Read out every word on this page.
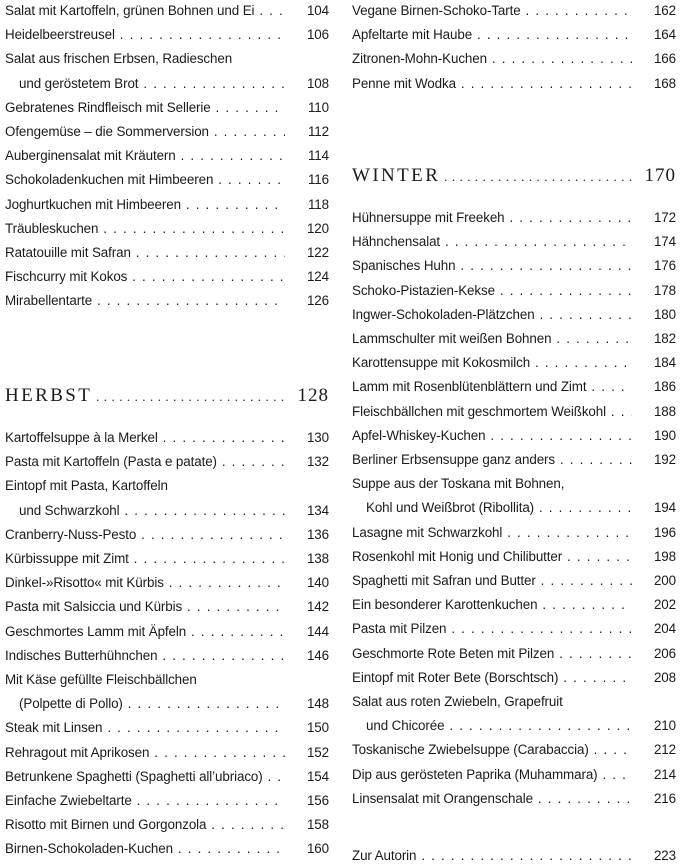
Salat mit Kartoffeln, grünen Bohnen und Ei . . .	104
Heidelbeerstreusel . . .	106
Salat aus frischen Erbsen, Radieschen
und geröstetem Brot . . .	108
Gebratenes Rindfleisch mit Sellerie . . .	110
Ofengemüse – die Sommerversion . . .	112
Auberginensalat mit Kräutern . . .	114
Schokoladenkuchen mit Himbeeren . . .	116
Joghurtkuchen mit Himbeeren . . .	118
Träubleskuchen . . .	120
Ratatouille mit Safran . . .	122
Fischcurry mit Kokos . . .	124
Mirabellentarte . . .	126
HERBST . . .	128
Kartoffelsuppe à la Merkel . . .	130
Pasta mit Kartoffeln (Pasta e patate) . . .	132
Eintopf mit Pasta, Kartoffeln
und Schwarzkohl . . .	134
Cranberry-Nuss-Pesto . . .	136
Kürbissuppe mit Zimt . . .	138
Dinkel-»Risotto« mit Kürbis . . .	140
Pasta mit Salsiccia und Kürbis . . .	142
Geschmortes Lamm mit Äpfeln . . .	144
Indisches Butterhühnchen . . .	146
Mit Käse gefüllte Fleischbällchen
(Polpette di Pollo) . . .	148
Steak mit Linsen . . .	150
Rehragout mit Aprikosen . . .	152
Betrunkene Spaghetti (Spaghetti all’ubriaco) . . .	154
Einfache Zwiebeltarte . . .	156
Risotto mit Birnen und Gorgonzola . . .	158
Birnen-Schokoladen-Kuchen . . .	160
Vegane Birnen-Schoko-Tarte . . .	162
Apfeltarte mit Haube . . .	164
Zitronen-Mohn-Kuchen . . .	166
Penne mit Wodka . . .	168
WINTER . . .	170
Hühnersuppe mit Freekeh . . .	172
Hähnchensalat . . .	174
Spanisches Huhn . . .	176
Schoko-Pistazien-Kekse . . .	178
Ingwer-Schokoladen-Plätzchen . . .	180
Lammschulter mit weißen Bohnen . . .	182
Karottensuppe mit Kokosmilch . . .	184
Lamm mit Rosenblütenblättern und Zimt . . .	186
Fleischbällchen mit geschmortem Weißkohl . . .	188
Apfel-Whiskey-Kuchen . . .	190
Berliner Erbsensuppe ganz anders . . .	192
Suppe aus der Toskana mit Bohnen,
Kohl und Weißbrot (Ribollita) . . .	194
Lasagne mit Schwarzkohl . . .	196
Rosenkohl mit Honig und Chilibutter . . .	198
Spaghetti mit Safran und Butter . . .	200
Ein besonderer Karottenkuchen . . .	202
Pasta mit Pilzen . . .	204
Geschmorte Rote Beten mit Pilzen . . .	206
Eintopf mit Roter Bete (Borschtsch) . . .	208
Salat aus roten Zwiebeln, Grapefruit
und Chicorée . . .	210
Toskanische Zwiebelsuppe (Carabaccia) . . .	212
Dip aus gerösteten Paprika (Muhammara) . . .	214
Linsensalat mit Orangenschale . . .	216
Zur Autorin . . .	223
